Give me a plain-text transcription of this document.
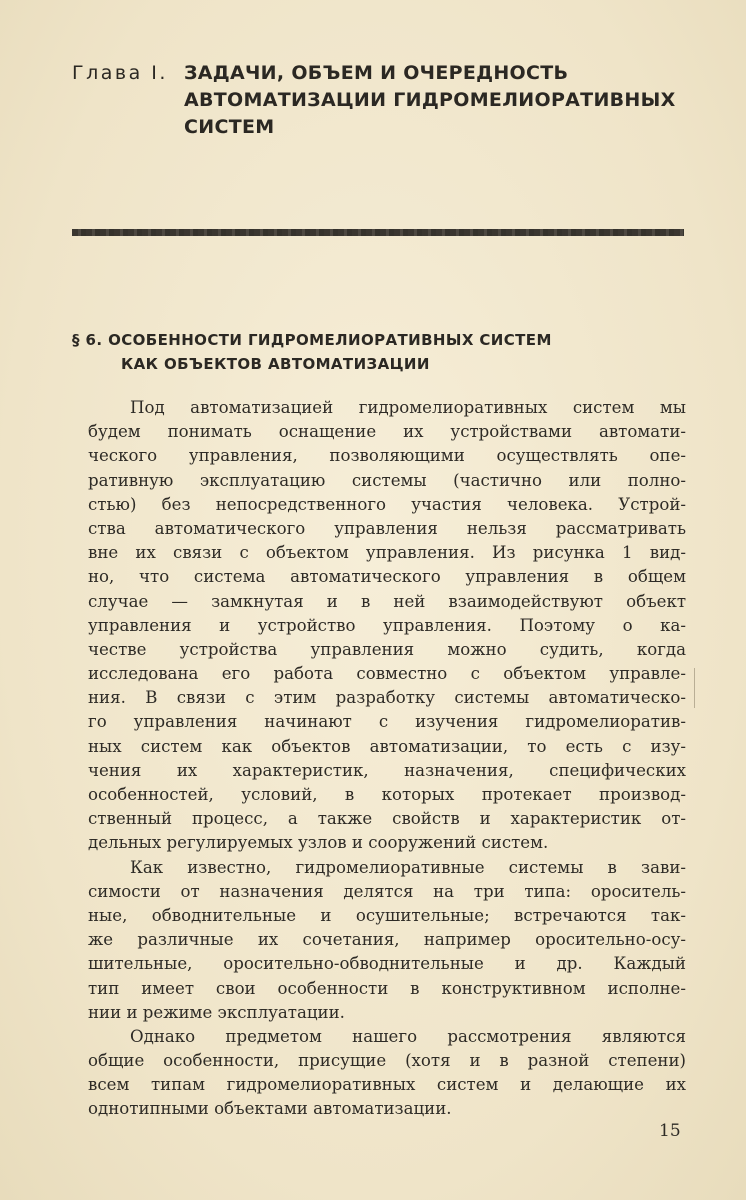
Глава I. ЗАДАЧИ, ОБЪЕМ И ОЧЕРЕДНОСТЬ
АВТОМАТИЗАЦИИ ГИДРОМЕЛИОРАТИВНЫХ
СИСТЕМ
§ 6. ОСОБЕННОСТИ ГИДРОМЕЛИОРАТИВНЫХ СИСТЕМ
КАК ОБЪЕКТОВ АВТОМАТИЗАЦИИ
Под автоматизацией гидромелиоративных систем мы
будем понимать оснащение их устройствами автомати-
ческого управления, позволяющими осуществлять опе-
ративную эксплуатацию системы (частично или полно-
стью) без непосредственного участия человека. Устрой-
ства автоматического управления нельзя рассматривать
вне их связи с объектом управления. Из рисунка 1 вид-
но, что система автоматического управления в общем
случае — замкнутая и в ней взаимодействуют объект
управления и устройство управления. Поэтому о ка-
честве устройства управления можно судить, когда
исследована его работа совместно с объектом управле-
ния. В связи с этим разработку системы автоматическо-
го управления начинают с изучения гидромелиоратив-
ных систем как объектов автоматизации, то есть с изу-
чения их характеристик, назначения, специфических
особенностей, условий, в которых протекает производ-
ственный процесс, а также свойств и характеристик от-
дельных регулируемых узлов и сооружений систем.
Как известно, гидромелиоративные системы в зави-
симости от назначения делятся на три типа: ороситель-
ные, обводнительные и осушительные; встречаются так-
же различные их сочетания, например оросительно-осу-
шительные, оросительно-обводнительные и др. Каждый
тип имеет свои особенности в конструктивном исполне-
нии и режиме эксплуатации.
Однако предметом нашего рассмотрения являются
общие особенности, присущие (хотя и в разной степени)
всем типам гидромелиоративных систем и делающие их
однотипными объектами автоматизации.
15
